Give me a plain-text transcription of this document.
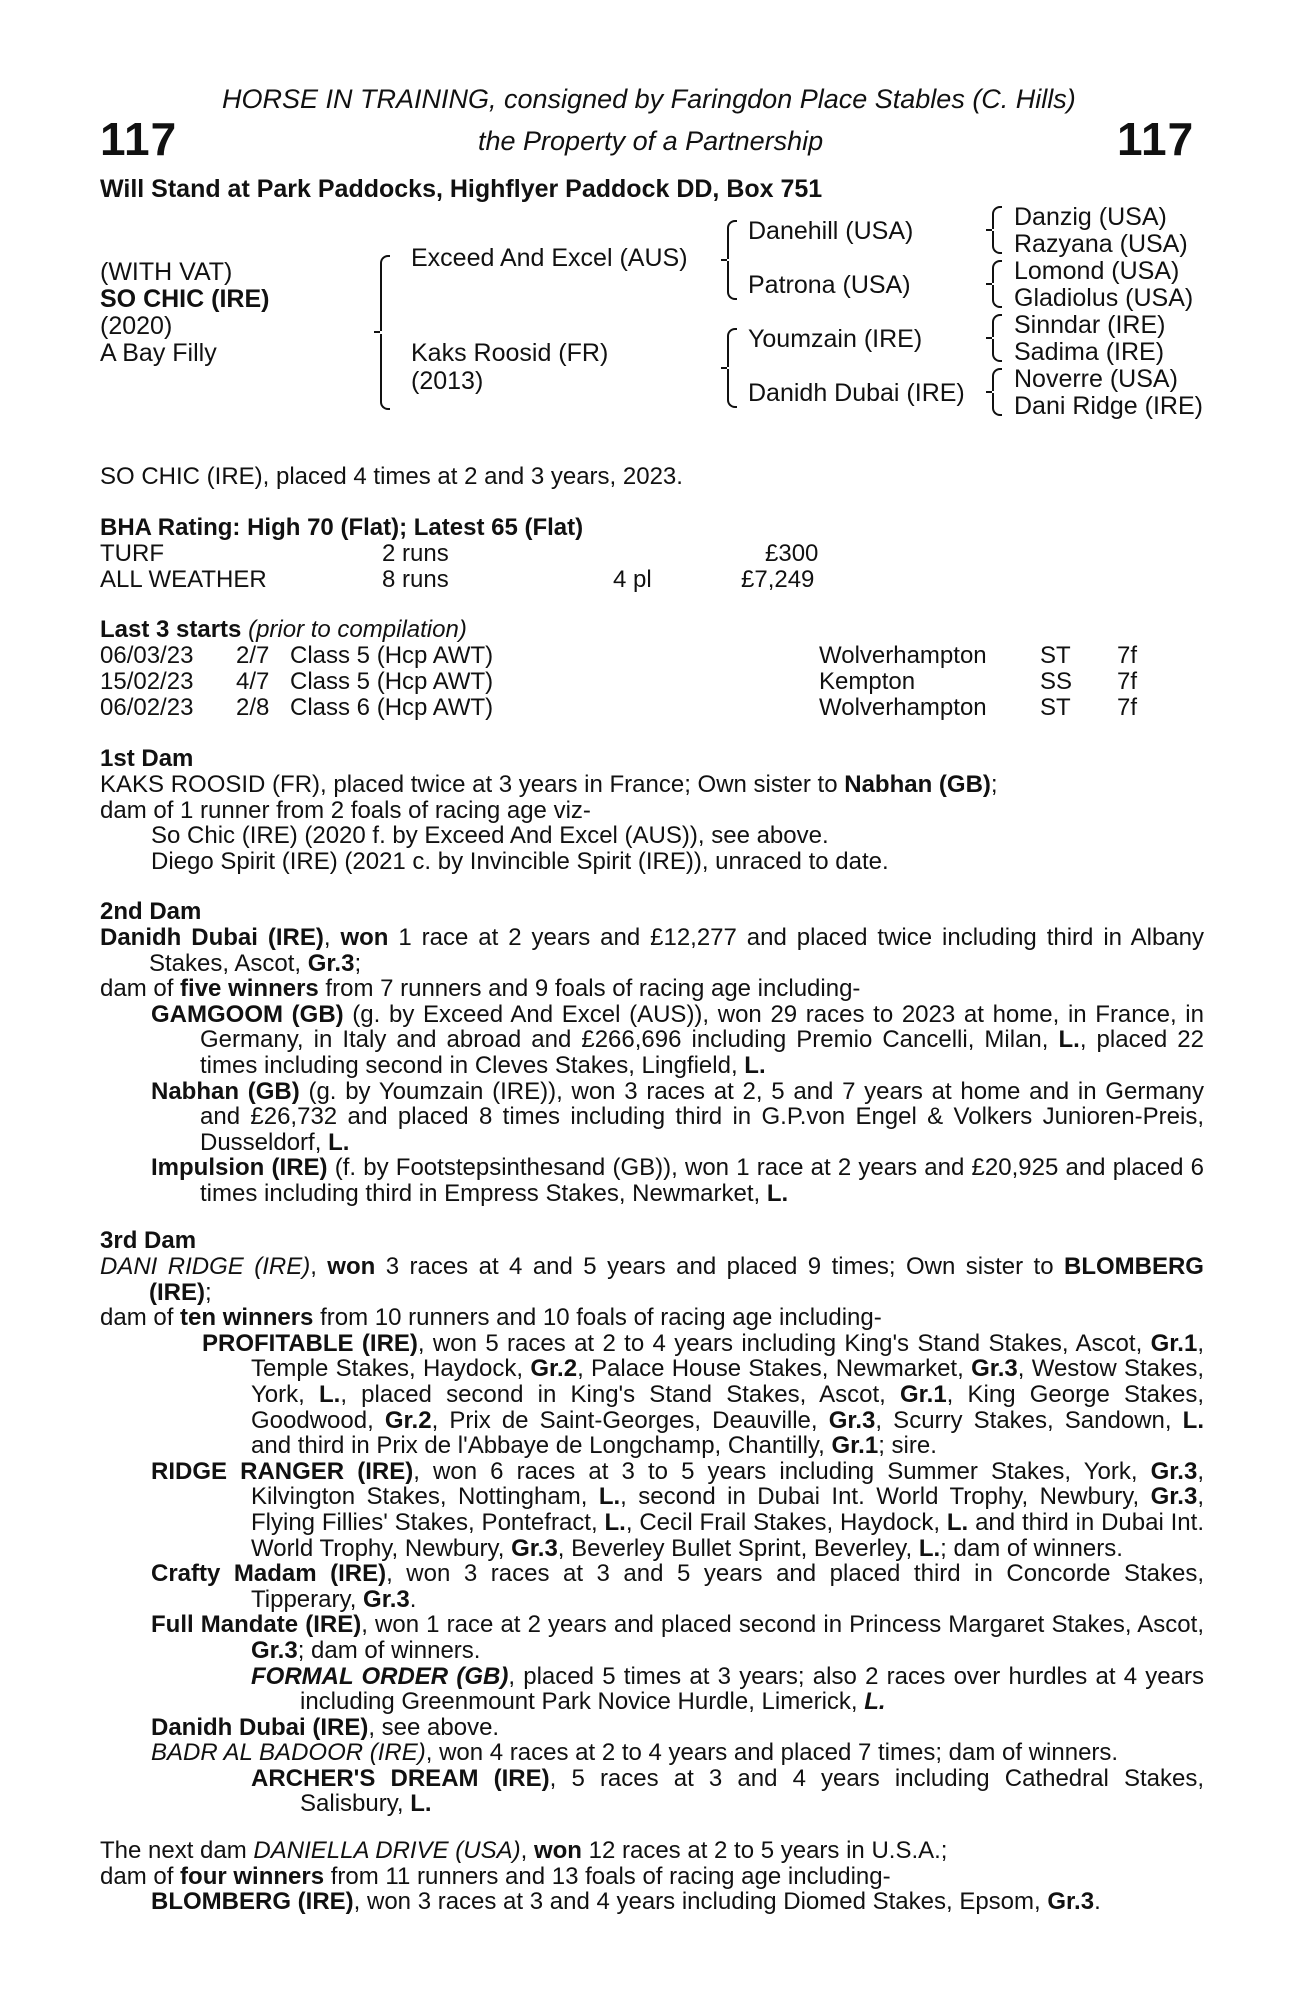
HORSE IN TRAINING, consigned by Faringdon Place Stables (C. Hills)
the Property of a Partnership
117	117
Will Stand at Park Paddocks, Highflyer Paddock DD, Box 751
(WITH VAT)
SO CHIC (IRE)
(2020)
A Bay Filly
Exceed And Excel (AUS)
Kaks Roosid (FR)
(2013)
Danehill (USA)
Patrona (USA)
Youmzain (IRE)
Danidh Dubai (IRE)
Danzig (USA)
Razyana (USA)
Lomond (USA)
Gladiolus (USA)
Sinndar (IRE)
Sadima (IRE)
Noverre (USA)
Dani Ridge (IRE)
SO CHIC (IRE), placed 4 times at 2 and 3 years, 2023.
BHA Rating: High 70 (Flat); Latest 65 (Flat)
TURF	2 runs	£300
ALL WEATHER	8 runs	4 pl	£7,249
Last 3 starts (prior to compilation)
06/03/23 2/7 Class 5 (Hcp AWT)	Wolverhampton ST 7f
15/02/23 4/7 Class 5 (Hcp AWT)	Kempton	SS 7f
06/02/23 2/8 Class 6 (Hcp AWT)	Wolverhampton ST 7f
1st Dam

KAKS ROOSID (FR), placed twice at 3 years in France; Own sister to Nabhan (GB);

dam of 1 runner from 2 foals of racing age viz-

So Chic (IRE) (2020 f. by Exceed And Excel (AUS)), see above.

Diego Spirit (IRE) (2021 c. by Invincible Spirit (IRE)), unraced to date.

2nd Dam

Danidh Dubai (IRE), won 1 race at 2 years and £12,277 and placed twice including third in Albany Stakes, Ascot, Gr.3;

dam of five winners from 7 runners and 9 foals of racing age including-

GAMGOOM (GB) (g. by Exceed And Excel (AUS)), won 29 races to 2023 at home, in France, in Germany, in Italy and abroad and £266,696 including Premio Cancelli, Milan, L., placed 22 times including second in Cleves Stakes, Lingfield, L.

Nabhan (GB) (g. by Youmzain (IRE)), won 3 races at 2, 5 and 7 years at home and in Germany and £26,732 and placed 8 times including third in G.P.von Engel & Volkers Junioren-Preis, Dusseldorf, L.

Impulsion (IRE) (f. by Footstepsinthesand (GB)), won 1 race at 2 years and £20,925 and placed 6 times including third in Empress Stakes, Newmarket, L.

3rd Dam

DANI RIDGE (IRE), won 3 races at 4 and 5 years and placed 9 times; Own sister to BLOMBERG (IRE);

dam of ten winners from 10 runners and 10 foals of racing age including-

PROFITABLE (IRE), won 5 races at 2 to 4 years including King's Stand Stakes, Ascot, Gr.1, Temple Stakes, Haydock, Gr.2, Palace House Stakes, Newmarket, Gr.3, Westow Stakes, York, L., placed second in King's Stand Stakes, Ascot, Gr.1, King George Stakes, Goodwood, Gr.2, Prix de Saint-Georges, Deauville, Gr.3, Scurry Stakes, Sandown, L. and third in Prix de l'Abbaye de Longchamp, Chantilly, Gr.1; sire.

RIDGE RANGER (IRE), won 6 races at 3 to 5 years including Summer Stakes, York, Gr.3, Kilvington Stakes, Nottingham, L., second in Dubai Int. World Trophy, Newbury, Gr.3, Flying Fillies' Stakes, Pontefract, L., Cecil Frail Stakes, Haydock, L. and third in Dubai Int. World Trophy, Newbury, Gr.3, Beverley Bullet Sprint, Beverley, L.; dam of winners.

Crafty Madam (IRE), won 3 races at 3 and 5 years and placed third in Concorde Stakes, Tipperary, Gr.3.

Full Mandate (IRE), won 1 race at 2 years and placed second in Princess Margaret Stakes, Ascot, Gr.3; dam of winners.

FORMAL ORDER (GB), placed 5 times at 3 years; also 2 races over hurdles at 4 years including Greenmount Park Novice Hurdle, Limerick, L.

Danidh Dubai (IRE), see above.

BADR AL BADOOR (IRE), won 4 races at 2 to 4 years and placed 7 times; dam of winners.

ARCHER'S DREAM (IRE), 5 races at 3 and 4 years including Cathedral Stakes, Salisbury, L.

The next dam DANIELLA DRIVE (USA), won 12 races at 2 to 5 years in U.S.A.;

dam of four winners from 11 runners and 13 foals of racing age including-

BLOMBERG (IRE), won 3 races at 3 and 4 years including Diomed Stakes, Epsom, Gr.3.
